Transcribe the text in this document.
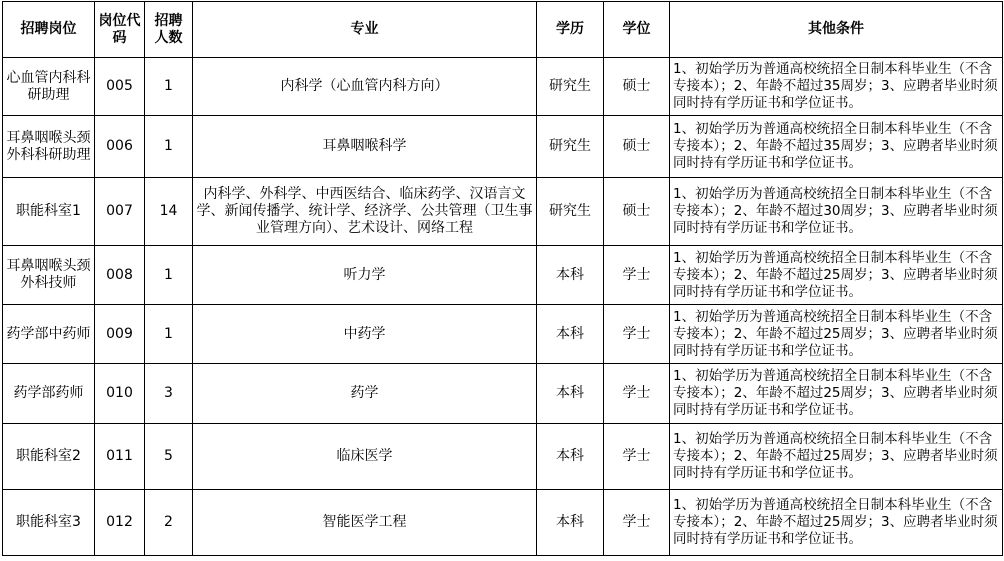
招聘岗位	岗位代码	招聘人数	专业	学历	学位	其他条件
心血管内科科研助理	005	1	内科学（心血管内科方向）	研究生	硕士	1、初始学历为普通高校统招全日制本科毕业生（不含专接本）；2、年龄不超过35周岁；3、应聘者毕业时须同时持有学历证书和学位证书。
耳鼻咽喉头颈外科科研助理	006	1	耳鼻咽喉科学	研究生	硕士	1、初始学历为普通高校统招全日制本科毕业生（不含专接本）；2、年龄不超过35周岁；3、应聘者毕业时须同时持有学历证书和学位证书。
职能科室1	007	14	内科学、外科学、中西医结合、临床药学、汉语言文学、新闻传播学、统计学、经济学、公共管理（卫生事业管理方向）、艺术设计、网络工程	研究生	硕士	1、初始学历为普通高校统招全日制本科毕业生（不含专接本）；2、年龄不超过30周岁；3、应聘者毕业时须同时持有学历证书和学位证书。
耳鼻咽喉头颈外科技师	008	1	听力学	本科	学士	1、初始学历为普通高校统招全日制本科毕业生（不含专接本）；2、年龄不超过25周岁；3、应聘者毕业时须同时持有学历证书和学位证书。
药学部中药师	009	1	中药学	本科	学士	1、初始学历为普通高校统招全日制本科毕业生（不含专接本）；2、年龄不超过25周岁；3、应聘者毕业时须同时持有学历证书和学位证书。
药学部药师	010	3	药学	本科	学士	1、初始学历为普通高校统招全日制本科毕业生（不含专接本）；2、年龄不超过25周岁；3、应聘者毕业时须同时持有学历证书和学位证书。
职能科室2	011	5	临床医学	本科	学士	1、初始学历为普通高校统招全日制本科毕业生（不含专接本）；2、年龄不超过25周岁；3、应聘者毕业时须同时持有学历证书和学位证书。
职能科室3	012	2	智能医学工程	本科	学士	1、初始学历为普通高校统招全日制本科毕业生（不含专接本）；2、年龄不超过25周岁；3、应聘者毕业时须同时持有学历证书和学位证书。
